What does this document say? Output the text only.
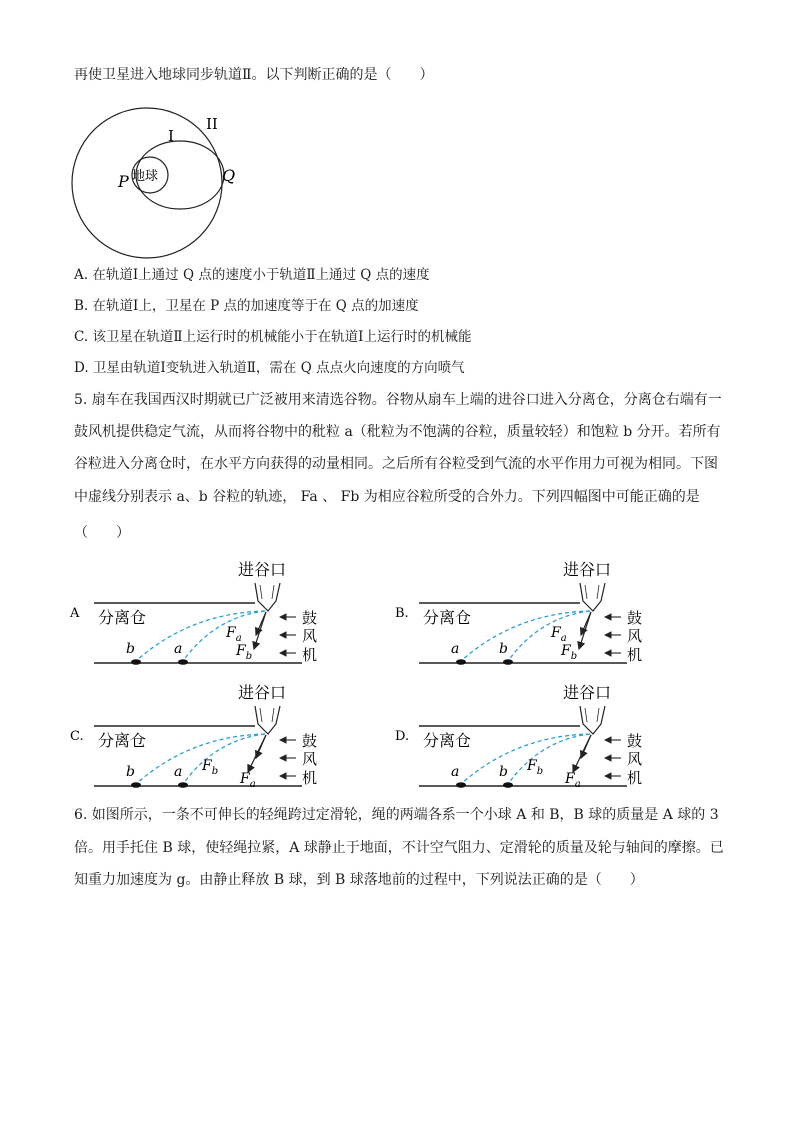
再使卫星进入地球同步轨道Ⅱ。以下判断正确的是（　　）
地球
I
II
P	Q
A. 在轨道Ⅰ上通过 Q 点的速度小于轨道Ⅱ上通过 Q 点的速度
B. 在轨道Ⅰ上，卫星在 P 点的加速度等于在 Q 点的加速度
C. 该卫星在轨道Ⅱ上运行时的机械能小于在轨道Ⅰ上运行时的机械能
D. 卫星由轨道Ⅰ变轨进入轨道Ⅱ，需在 Q 点点火向速度的方向喷气
5. 扇车在我国西汉时期就已广泛被用来清选谷物。谷物从扇车上端的进谷口进入分离仓，分离仓右端有一
鼓风机提供稳定气流，从而将谷物中的秕粒 a（秕粒为不饱满的谷粒，质量较轻）和饱粒 b 分开。若所有
谷粒进入分离仓时，在水平方向获得的动量相同。之后所有谷粒受到气流的水平作用力可视为相同。下图
中虚线分别表示 a、b 谷粒的轨迹， Fa 、 Fb 为相应谷粒所受的合外力。下列四幅图中可能正确的是
（　　）
A
进谷口
分离仓
b	a
$F_a$
$F_b$
鼓
风
机
B.
进谷口
分离仓
a	b
$F_a$
$F_b$
鼓
风
机
C.
进谷口
分离仓
b	a $F_b$ $F_a$
鼓
风
机
D.
进谷口
分离仓
a	b $F_b$ $F_a$
鼓
风
机
6. 如图所示，一条不可伸长的轻绳跨过定滑轮，绳的两端各系一个小球 A 和 B，B 球的质量是 A 球的 3
倍。用手托住 B 球，使轻绳拉紧，A 球静止于地面，不计空气阻力、定滑轮的质量及轮与轴间的摩擦。已
知重力加速度为 g。由静止释放 B 球，到 B 球落地前的过程中，下列说法正确的是（　　）
